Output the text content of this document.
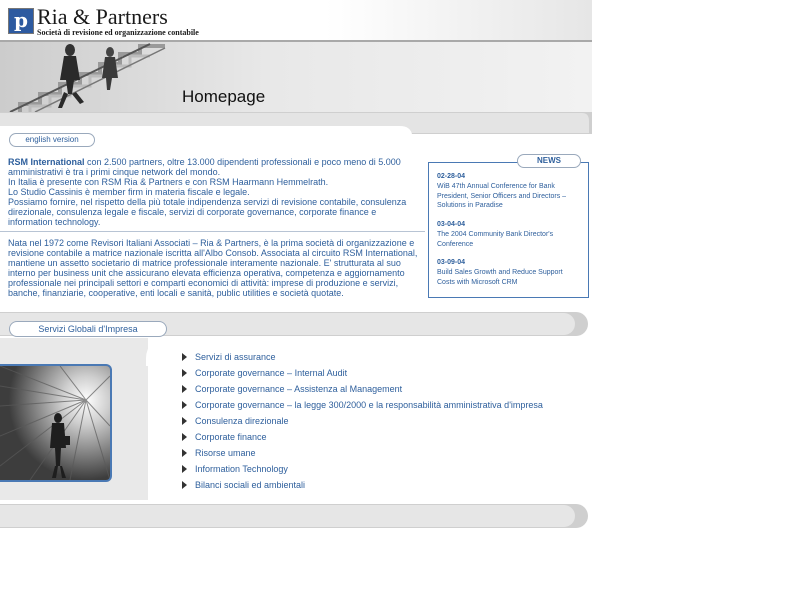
p Ria & Partners
Società di revisione ed organizzazione contabile
Homepage
english version
RSM International con 2.500 partners, oltre 13.000 dipendenti professionali e poco meno di 5.000 amministrativi è tra i primi cinque network del mondo.
In Italia è presente con RSM Ria & Partners e con RSM Haarmann Hemmelrath.
Lo Studio Cassinis è member firm in materia fiscale e legale.
Possiamo fornire, nel rispetto della più totale indipendenza servizi di revisione contabile, consulenza direzionale, consulenza legale e fiscale, servizi di corporate governance, corporate finance e information technology.
Nata nel 1972 come Revisori Italiani Associati – Ria & Partners, è la prima società di organizzazione e revisione contabile a matrice nazionale iscritta all'Albo Consob. Associata al circuito RSM International, mantiene un assetto societario di matrice professionale interamente nazionale. E' strutturata al suo interno per business unit che assicurano elevata efficienza operativa, competenza e aggiornamento professionale nei principali settori e comparti economici di attività: imprese di produzione e servizi, banche, finanziarie, cooperative, enti locali e sanità, public utilities e società quotate.
NEWS
02-28-04
WiB 47th Annual Conference for Bank President, Senior Officers and Directors – Solutions in Paradise
03-04-04
The 2004 Community Bank Director's Conference
03-09-04
Build Sales Growth and Reduce Support Costs with Microsoft CRM
Servizi Globali d'Impresa
Servizi di assurance
Corporate governance – Internal Audit
Corporate governance – Assistenza al Management
Corporate governance – la legge 300/2000 e la responsabilità amministrativa d'impresa
Consulenza direzionale
Corporate finance
Risorse umane
Information Technology
Bilanci sociali ed ambientali
